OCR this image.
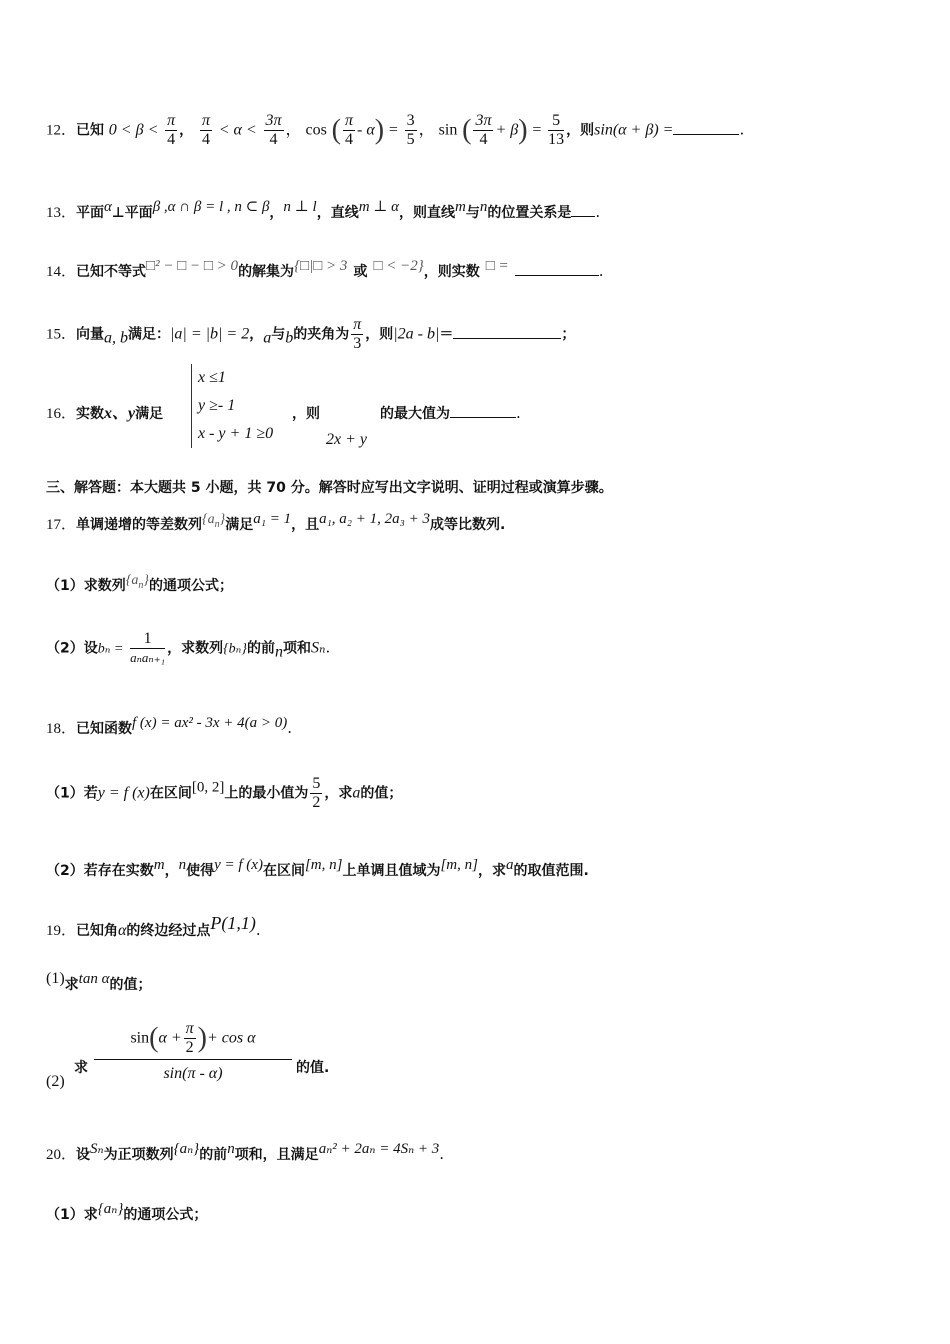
12．已知 $0 < \beta < \frac{\pi}{4}$ ， $\frac{\pi}{4} < \alpha < \frac{3\pi}{4}$ ， cos ( $\frac{\pi}{4} - \alpha) = \frac{3}{5}$ ， sin ( $\frac{3\pi}{4} + \beta) = \frac{5}{13}$ ，则sin(α + β) =	.
13．平面$^\alpha$⊥平面$^{\beta ,\alpha \cap \beta = l , n \subset \beta}$，$^{n \perp l}$，直线$^{m \perp \alpha}$，则直线$^m$与$^n$的位置关系是 .
14．已知不等式$^{□^2 - □ - □ > 0}$的解集为$^{\{□|□ > 3}$ 或 $^{□ < -2\}}$，则实数 □ =	.
15．向量$_{a, b}$满足：|a| = |b| = 2，$_a$与$_b$的夹角为 $\frac{\pi}{3}$ ，则|2a - b|＝	；
16．实数x、y满足
x ≤1
y ≥- 1
x - y + 1 ≥0
，则	的最大值为	.
2x + y
三、解答题：本大题共 5 小题，共 70 分。解答时应写出文字说明、证明过程或演算步骤。
17．单调递增的等差数列$^{\{a_n\}}$满足$^{a_1 = 1}$，且$^{a_1, a_2 + 1, 2a_3 + 3}$成等比数列.
（1）求数列$^{\{a_n\}}$的通项公式；
（2）设$b_n = \frac{1}{\text{aₙaₙ₊₁}}$ ，求数列{bₙ}的前$_n$项和Sₙ.
18．已知函数$^{f (x) = ax^2 - 3x + 4(a > 0)}$.
（1）若y = f (x)在区间[0, 2]上的最小值为 $\frac{5}{2}$ ，求a的值；
（2）若存在实数$^m$，$^n$使得$^{y = f (x)}$在区间[m, n]上单调且值域为[m, n]，求$^a$的取值范围.
19．已知角α的终边经过点$^{P(1,1)}$.
$^{(1)}$求$^{tan \alpha}$的值；
(2)
求
$\sin(\alpha + \frac{\pi}{2}$ )+ cos α
sin(π - α)	的值.
20．设$^{S_n}$为正项数列$^{\{a_n\}}$的前$^n$项和，且满足$^{a_n^2 + 2a_n = 4S_n + 3}$.
（1）求$^{\{a_n\}}$的通项公式；
